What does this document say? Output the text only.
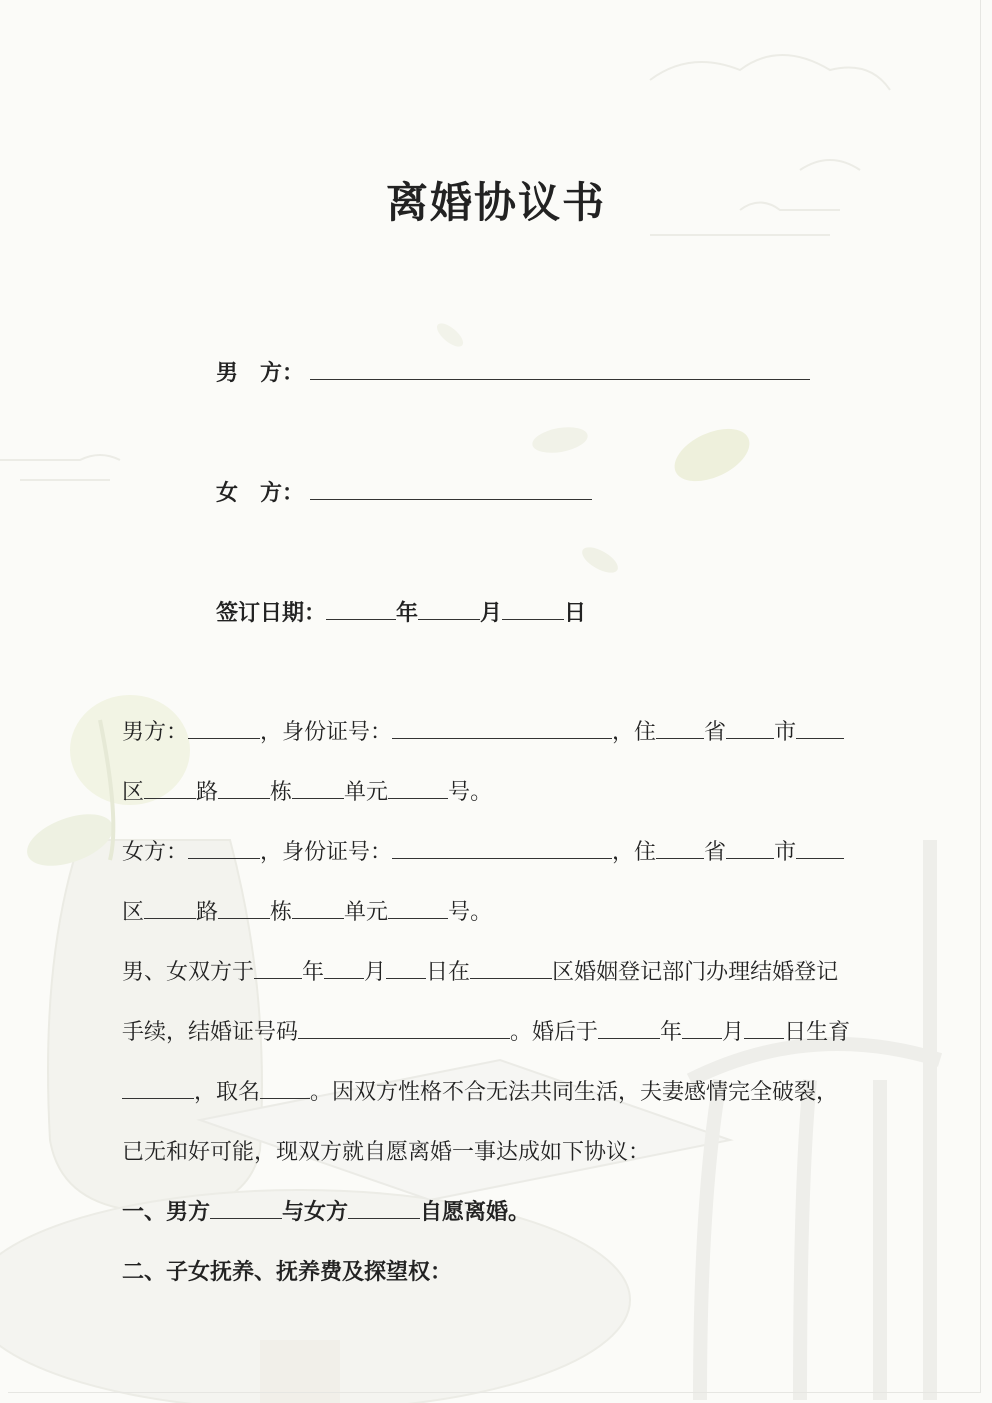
离婚协议书
男　方：
女　方：
签订日期：	年	月	日
男方：	，身份证号：	，住 省 市
区 路 栋 单元	号。
女方：	，身份证号：	，住 省 市
区 路 栋 单元	号。
男、女双方于 年 月 日在	区婚姻登记部门办理结婚登记
手续，结婚证号码	。婚后于	年 月 日生育
，取名 。因双方性格不合无法共同生活，夫妻感情完全破裂，
已无和好可能，现双方就自愿离婚一事达成如下协议：
一、男方	与女方	自愿离婚。
二、子女抚养、抚养费及探望权：
